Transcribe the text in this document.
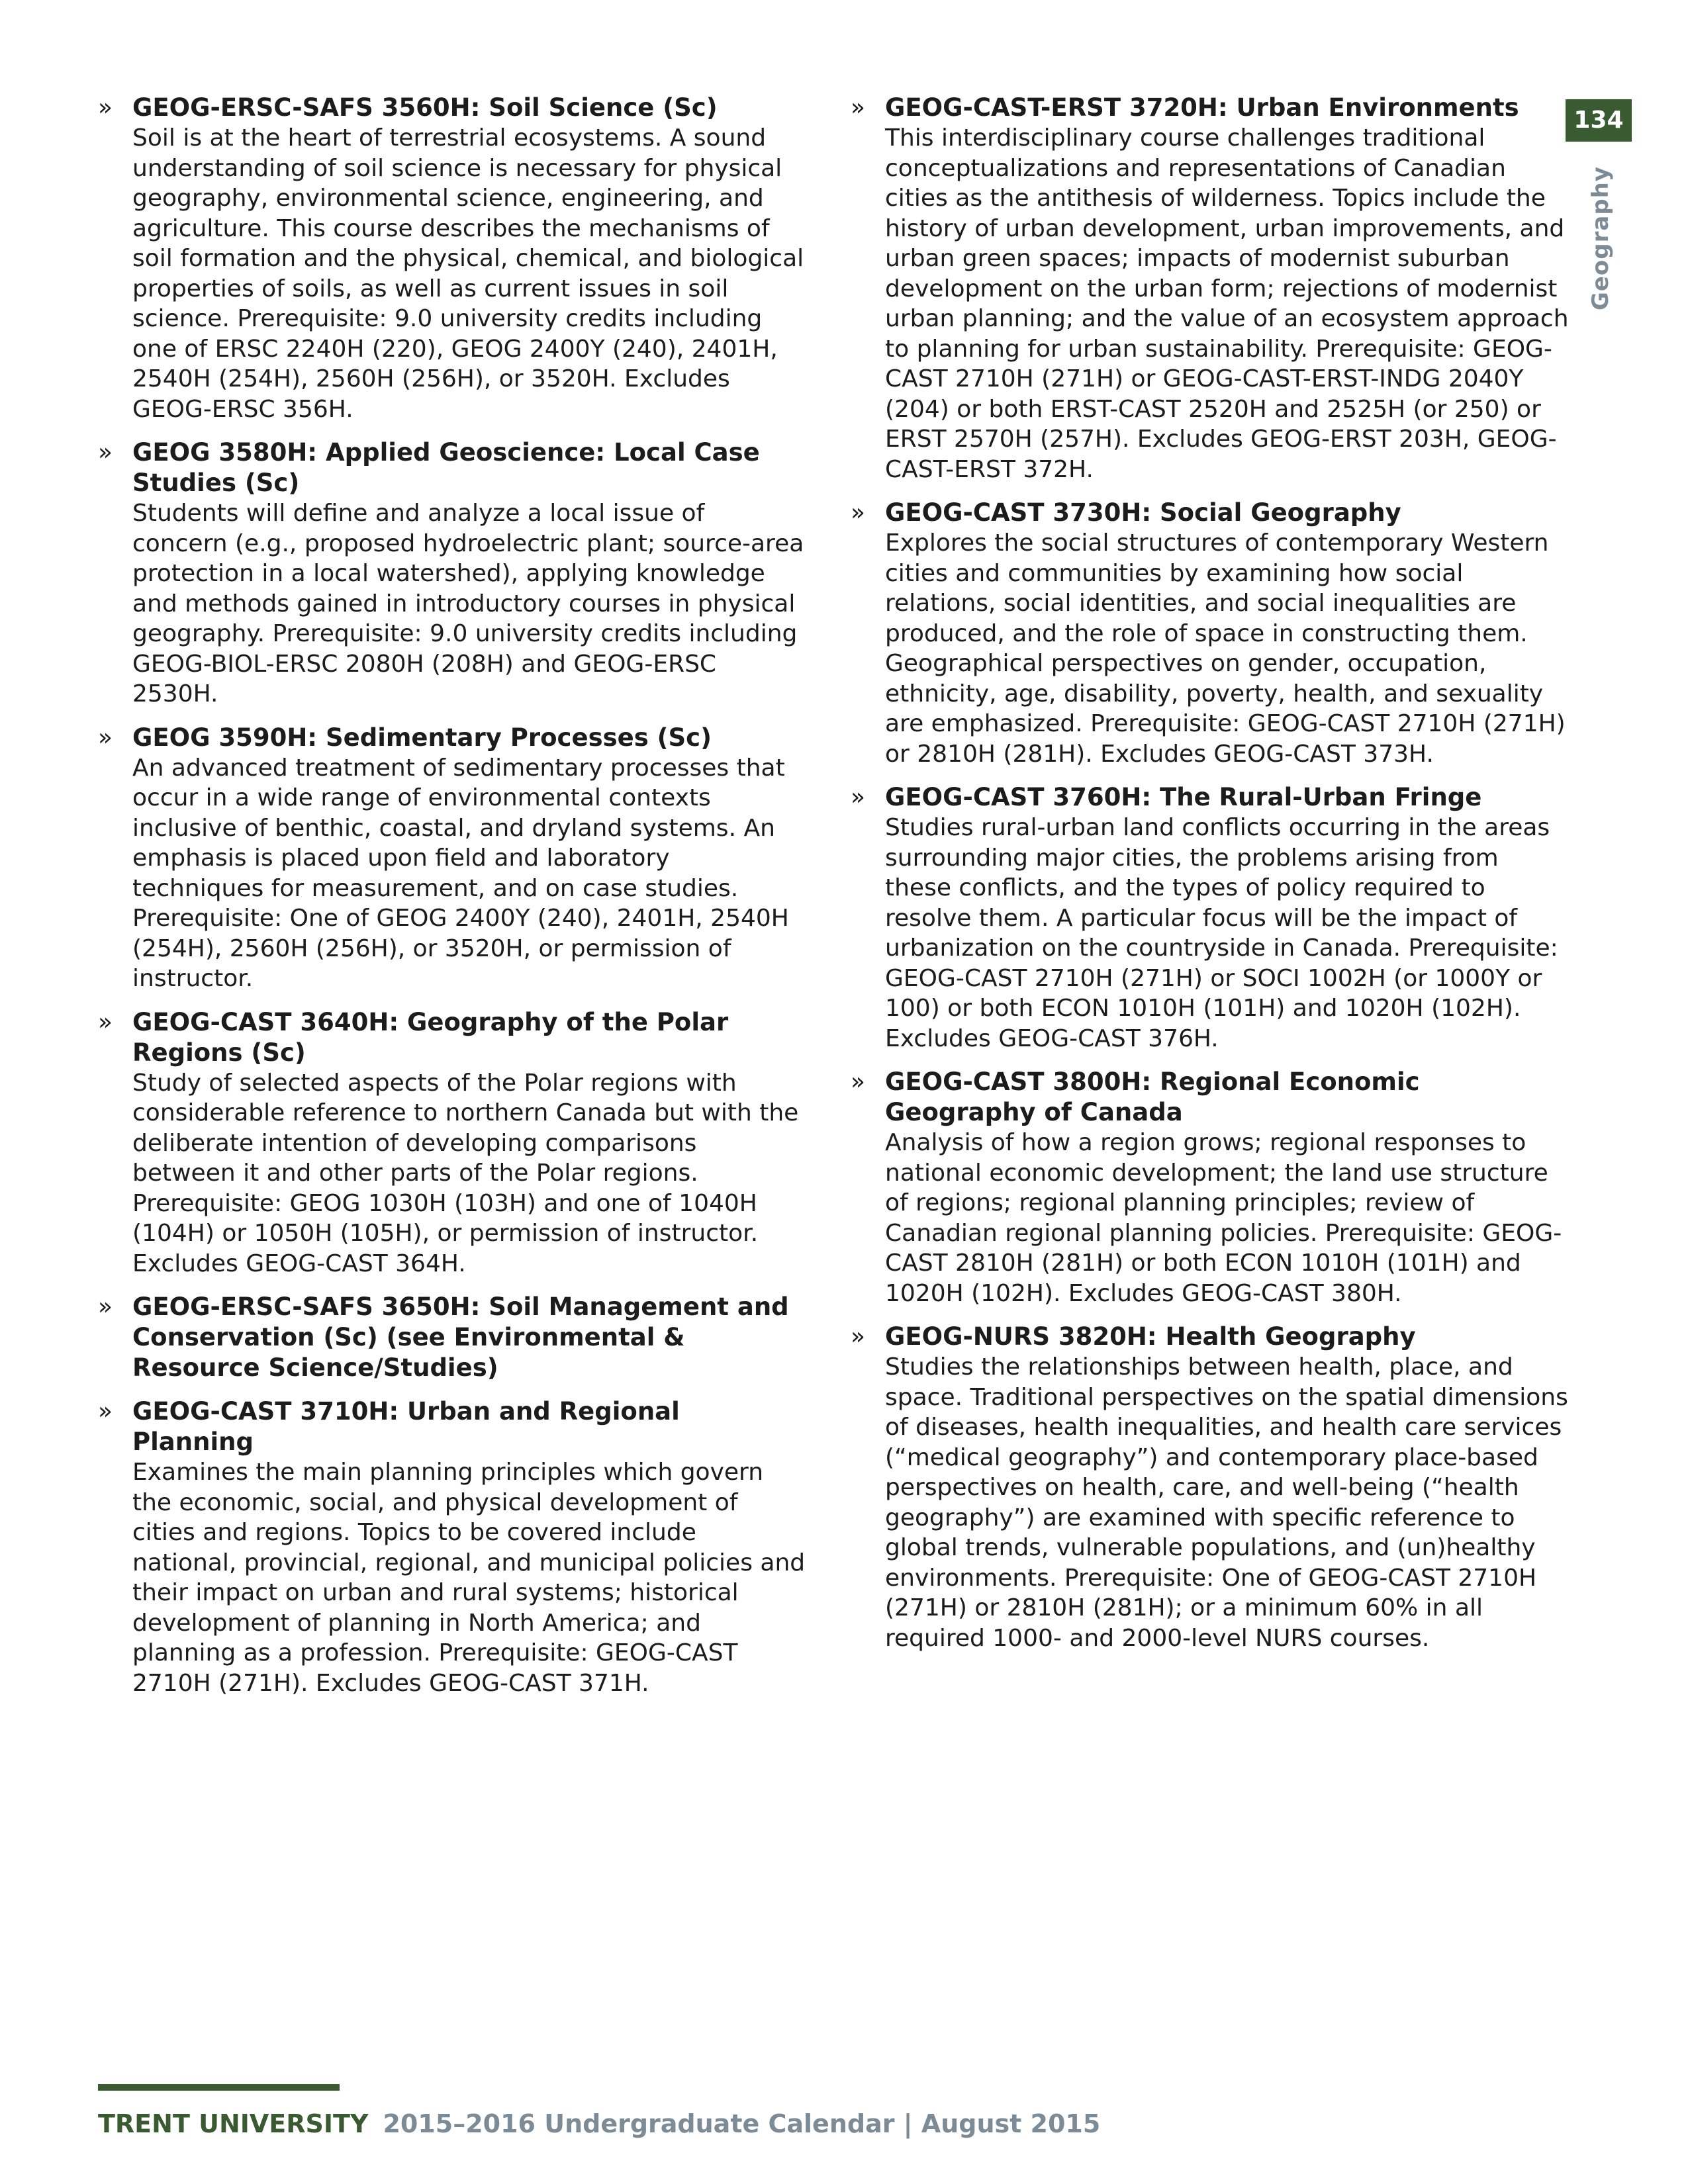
134
Geography
» GEOG-ERSC-SAFS 3560H: Soil Science (Sc)

Soil is at the heart of terrestrial ecosystems. A sound understanding of soil science is necessary for physical geography, environmental science, engineering, and agriculture. This course describes the mechanisms of soil formation and the physical, chemical, and biological properties of soils, as well as current issues in soil science. Prerequisite: 9.0 university credits including one of ERSC 2240H (220), GEOG 2400Y (240), 2401H, 2540H (254H), 2560H (256H), or 3520H. Excludes GEOG-ERSC 356H.

» GEOG 3580H: Applied Geoscience: Local Case Studies (Sc)

Students will define and analyze a local issue of concern (e.g., proposed hydroelectric plant; source-area protection in a local watershed), applying knowledge and methods gained in introductory courses in physical geography. Prerequisite: 9.0 university credits including GEOG-BIOL-ERSC 2080H (208H) and GEOG-ERSC 2530H.

» GEOG 3590H: Sedimentary Processes (Sc)

An advanced treatment of sedimentary processes that occur in a wide range of environmental contexts inclusive of benthic, coastal, and dryland systems. An emphasis is placed upon field and laboratory techniques for measurement, and on case studies. Prerequisite: One of GEOG 2400Y (240), 2401H, 2540H (254H), 2560H (256H), or 3520H, or permission of instructor.

» GEOG-CAST 3640H: Geography of the Polar Regions (Sc)

Study of selected aspects of the Polar regions with considerable reference to northern Canada but with the deliberate intention of developing comparisons between it and other parts of the Polar regions. Prerequisite: GEOG 1030H (103H) and one of 1040H (104H) or 1050H (105H), or permission of instructor. Excludes GEOG-CAST 364H.

» GEOG-ERSC-SAFS 3650H: Soil Management and Conservation (Sc) (see Environmental & Resource Science/Studies)

» GEOG-CAST 3710H: Urban and Regional Planning

Examines the main planning principles which govern the economic, social, and physical development of cities and regions. Topics to be covered include national, provincial, regional, and municipal policies and their impact on urban and rural systems; historical development of planning in North America; and planning as a profession. Prerequisite: GEOG-CAST 2710H (271H). Excludes GEOG-CAST 371H.

» GEOG-CAST-ERST 3720H: Urban Environments

This interdisciplinary course challenges traditional conceptualizations and representations of Canadian cities as the antithesis of wilderness. Topics include the history of urban development, urban improvements, and urban green spaces; impacts of modernist suburban development on the urban form; rejections of modernist urban planning; and the value of an ecosystem approach to planning for urban sustainability. Prerequisite: GEOG-CAST 2710H (271H) or GEOG-CAST-ERST-INDG 2040Y (204) or both ERST-CAST 2520H and 2525H (or 250) or ERST 2570H (257H). Excludes GEOG-ERST 203H, GEOG-CAST-ERST 372H.

» GEOG-CAST 3730H: Social Geography

Explores the social structures of contemporary Western cities and communities by examining how social relations, social identities, and social inequalities are produced, and the role of space in constructing them. Geographical perspectives on gender, occupation, ethnicity, age, disability, poverty, health, and sexuality are emphasized. Prerequisite: GEOG-CAST 2710H (271H) or 2810H (281H). Excludes GEOG-CAST 373H.

» GEOG-CAST 3760H: The Rural-Urban Fringe

Studies rural-urban land conflicts occurring in the areas surrounding major cities, the problems arising from these conflicts, and the types of policy required to resolve them. A particular focus will be the impact of urbanization on the countryside in Canada. Prerequisite: GEOG-CAST 2710H (271H) or SOCI 1002H (or 1000Y or 100) or both ECON 1010H (101H) and 1020H (102H). Excludes GEOG-CAST 376H.

» GEOG-CAST 3800H: Regional Economic Geography of Canada

Analysis of how a region grows; regional responses to national economic development; the land use structure of regions; regional planning principles; review of Canadian regional planning policies. Prerequisite: GEOG-CAST 2810H (281H) or both ECON 1010H (101H) and 1020H (102H). Excludes GEOG-CAST 380H.

» GEOG-NURS 3820H: Health Geography

Studies the relationships between health, place, and space. Traditional perspectives on the spatial dimensions of diseases, health inequalities, and health care services (“medical geography”) and contemporary place-based perspectives on health, care, and well-being (“health geography”) are examined with specific reference to global trends, vulnerable populations, and (un)healthy environments. Prerequisite: One of GEOG-CAST 2710H (271H) or 2810H (281H); or a minimum 60% in all required 1000- and 2000-level NURS courses.

TRENT UNIVERSITY 2015–2016 Undergraduate Calendar | August 2015
